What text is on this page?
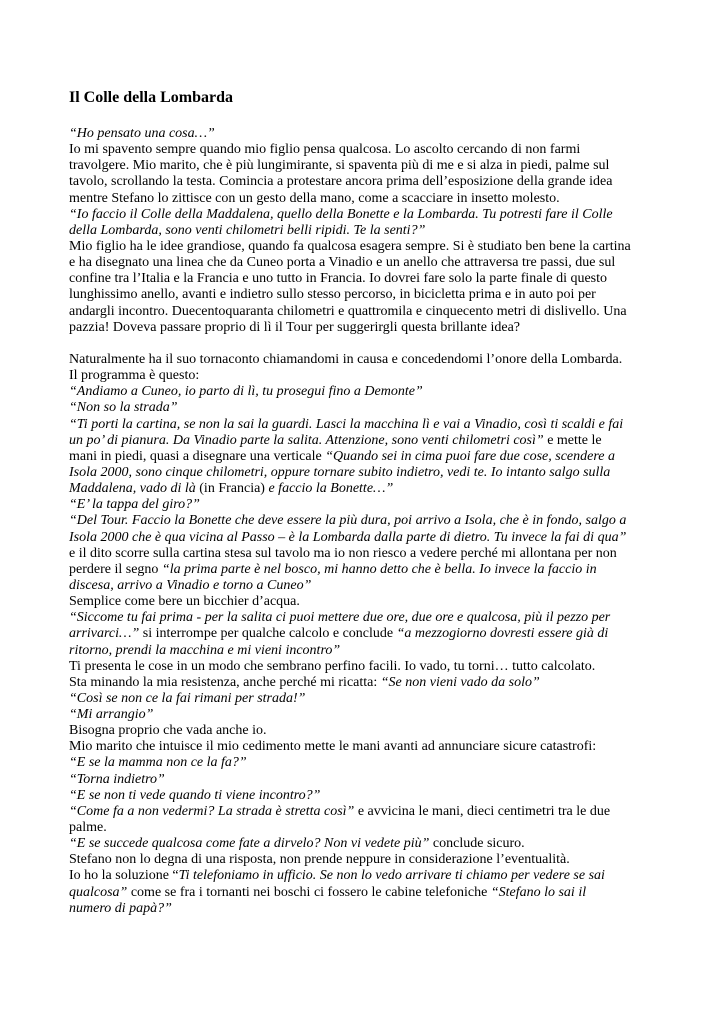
Il Colle della Lombarda
“Ho pensato una cosa…”
Io mi spavento sempre quando mio figlio pensa qualcosa. Lo ascolto cercando di non farmi
travolgere. Mio marito, che è più lungimirante, si spaventa più di me e si alza in piedi, palme sul
tavolo, scrollando la testa. Comincia a protestare ancora prima dell’esposizione della grande idea
mentre Stefano lo zittisce con un gesto della mano, come a scacciare in insetto molesto.
“Io faccio il Colle della Maddalena, quello della Bonette e la Lombarda. Tu potresti fare il Colle
della Lombarda, sono venti chilometri belli ripidi. Te la senti?”
Mio figlio ha le idee grandiose, quando fa qualcosa esagera sempre. Si è studiato ben bene la cartina
e ha disegnato una linea che da Cuneo porta a Vinadio e un anello che attraversa tre passi, due sul
confine tra l’Italia e la Francia e uno tutto in Francia. Io dovrei fare solo la parte finale di questo
lunghissimo anello, avanti e indietro sullo stesso percorso, in bicicletta prima e in auto poi per
andargli incontro. Duecentoquaranta chilometri e quattromila e cinquecento metri di dislivello. Una
pazzia! Doveva passare proprio di lì il Tour per suggerirgli questa brillante idea?
Naturalmente ha il suo tornaconto chiamandomi in causa e concedendomi l’onore della Lombarda.
Il programma è questo:
“Andiamo a Cuneo, io parto di lì, tu prosegui fino a Demonte”
“Non so la strada”
“Ti porti la cartina, se non la sai la guardi. Lasci la macchina lì e vai a Vinadio, così ti scaldi e fai
un po’ di pianura. Da Vinadio parte la salita. Attenzione, sono venti chilometri così” e mette le
mani in piedi, quasi a disegnare una verticale “Quando sei in cima puoi fare due cose, scendere a
Isola 2000, sono cinque chilometri, oppure tornare subito indietro, vedi te. Io intanto salgo sulla
Maddalena, vado di là (in Francia) e faccio la Bonette…”
“E’ la tappa del giro?”
“Del Tour. Faccio la Bonette che deve essere la più dura, poi arrivo a Isola, che è in fondo, salgo a
Isola 2000 che è qua vicina al Passo – è la Lombarda dalla parte di dietro. Tu invece la fai di qua”
e il dito scorre sulla cartina stesa sul tavolo ma io non riesco a vedere perché mi allontana per non
perdere il segno “la prima parte è nel bosco, mi hanno detto che è bella. Io invece la faccio in
discesa, arrivo a Vinadio e torno a Cuneo”
Semplice come bere un bicchier d’acqua.
“Siccome tu fai prima - per la salita ci puoi mettere due ore, due ore e qualcosa, più il pezzo per
arrivarci…” si interrompe per qualche calcolo e conclude “a mezzogiorno dovresti essere già di
ritorno, prendi la macchina e mi vieni incontro”
Ti presenta le cose in un modo che sembrano perfino facili. Io vado, tu torni… tutto calcolato.
Sta minando la mia resistenza, anche perché mi ricatta: “Se non vieni vado da solo”
“Così se non ce la fai rimani per strada!”
“Mi arrangio”
Bisogna proprio che vada anche io.
Mio marito che intuisce il mio cedimento mette le mani avanti ad annunciare sicure catastrofi:
“E se la mamma non ce la fa?”
“Torna indietro”
“E se non ti vede quando ti viene incontro?”
“Come fa a non vedermi? La strada è stretta così” e avvicina le mani, dieci centimetri tra le due
palme.
“E se succede qualcosa come fate a dirvelo? Non vi vedete più” conclude sicuro.
Stefano non lo degna di una risposta, non prende neppure in considerazione l’eventualità.
Io ho la soluzione “Ti telefoniamo in ufficio. Se non lo vedo arrivare ti chiamo per vedere se sai
qualcosa” come se fra i tornanti nei boschi ci fossero le cabine telefoniche “Stefano lo sai il
numero di papà?”
